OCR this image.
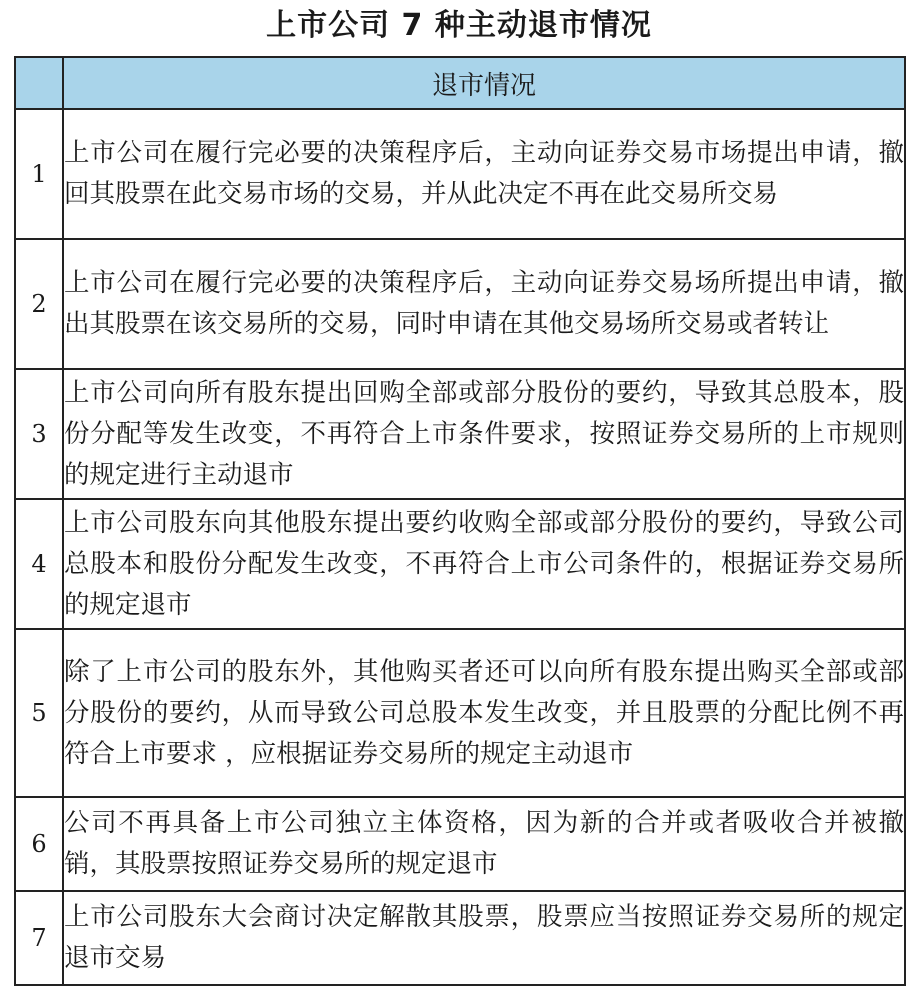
上市公司 7 种主动退市情况
	退市情况
1	上市公司在履行完必要的决策程序后，主动向证券交易市场提出申请，撤回其股票在此交易市场的交易，并从此决定不再在此交易所交易
2	上市公司在履行完必要的决策程序后，主动向证券交易场所提出申请，撤出其股票在该交易所的交易，同时申请在其他交易场所交易或者转让
3	上市公司向所有股东提出回购全部或部分股份的要约，导致其总股本，股份分配等发生改变，不再符合上市条件要求，按照证券交易所的上市规则的规定进行主动退市
4	上市公司股东向其他股东提出要约收购全部或部分股份的要约，导致公司总股本和股份分配发生改变，不再符合上市公司条件的，根据证券交易所的规定退市
5	除了上市公司的股东外，其他购买者还可以向所有股东提出购买全部或部分股份的要约，从而导致公司总股本发生改变，并且股票的分配比例不再符合上市要求 ，应根据证券交易所的规定主动退市
6	公司不再具备上市公司独立主体资格，因为新的合并或者吸收合并被撤销，其股票按照证券交易所的规定退市
7	上市公司股东大会商讨决定解散其股票，股票应当按照证券交易所的规定退市交易
